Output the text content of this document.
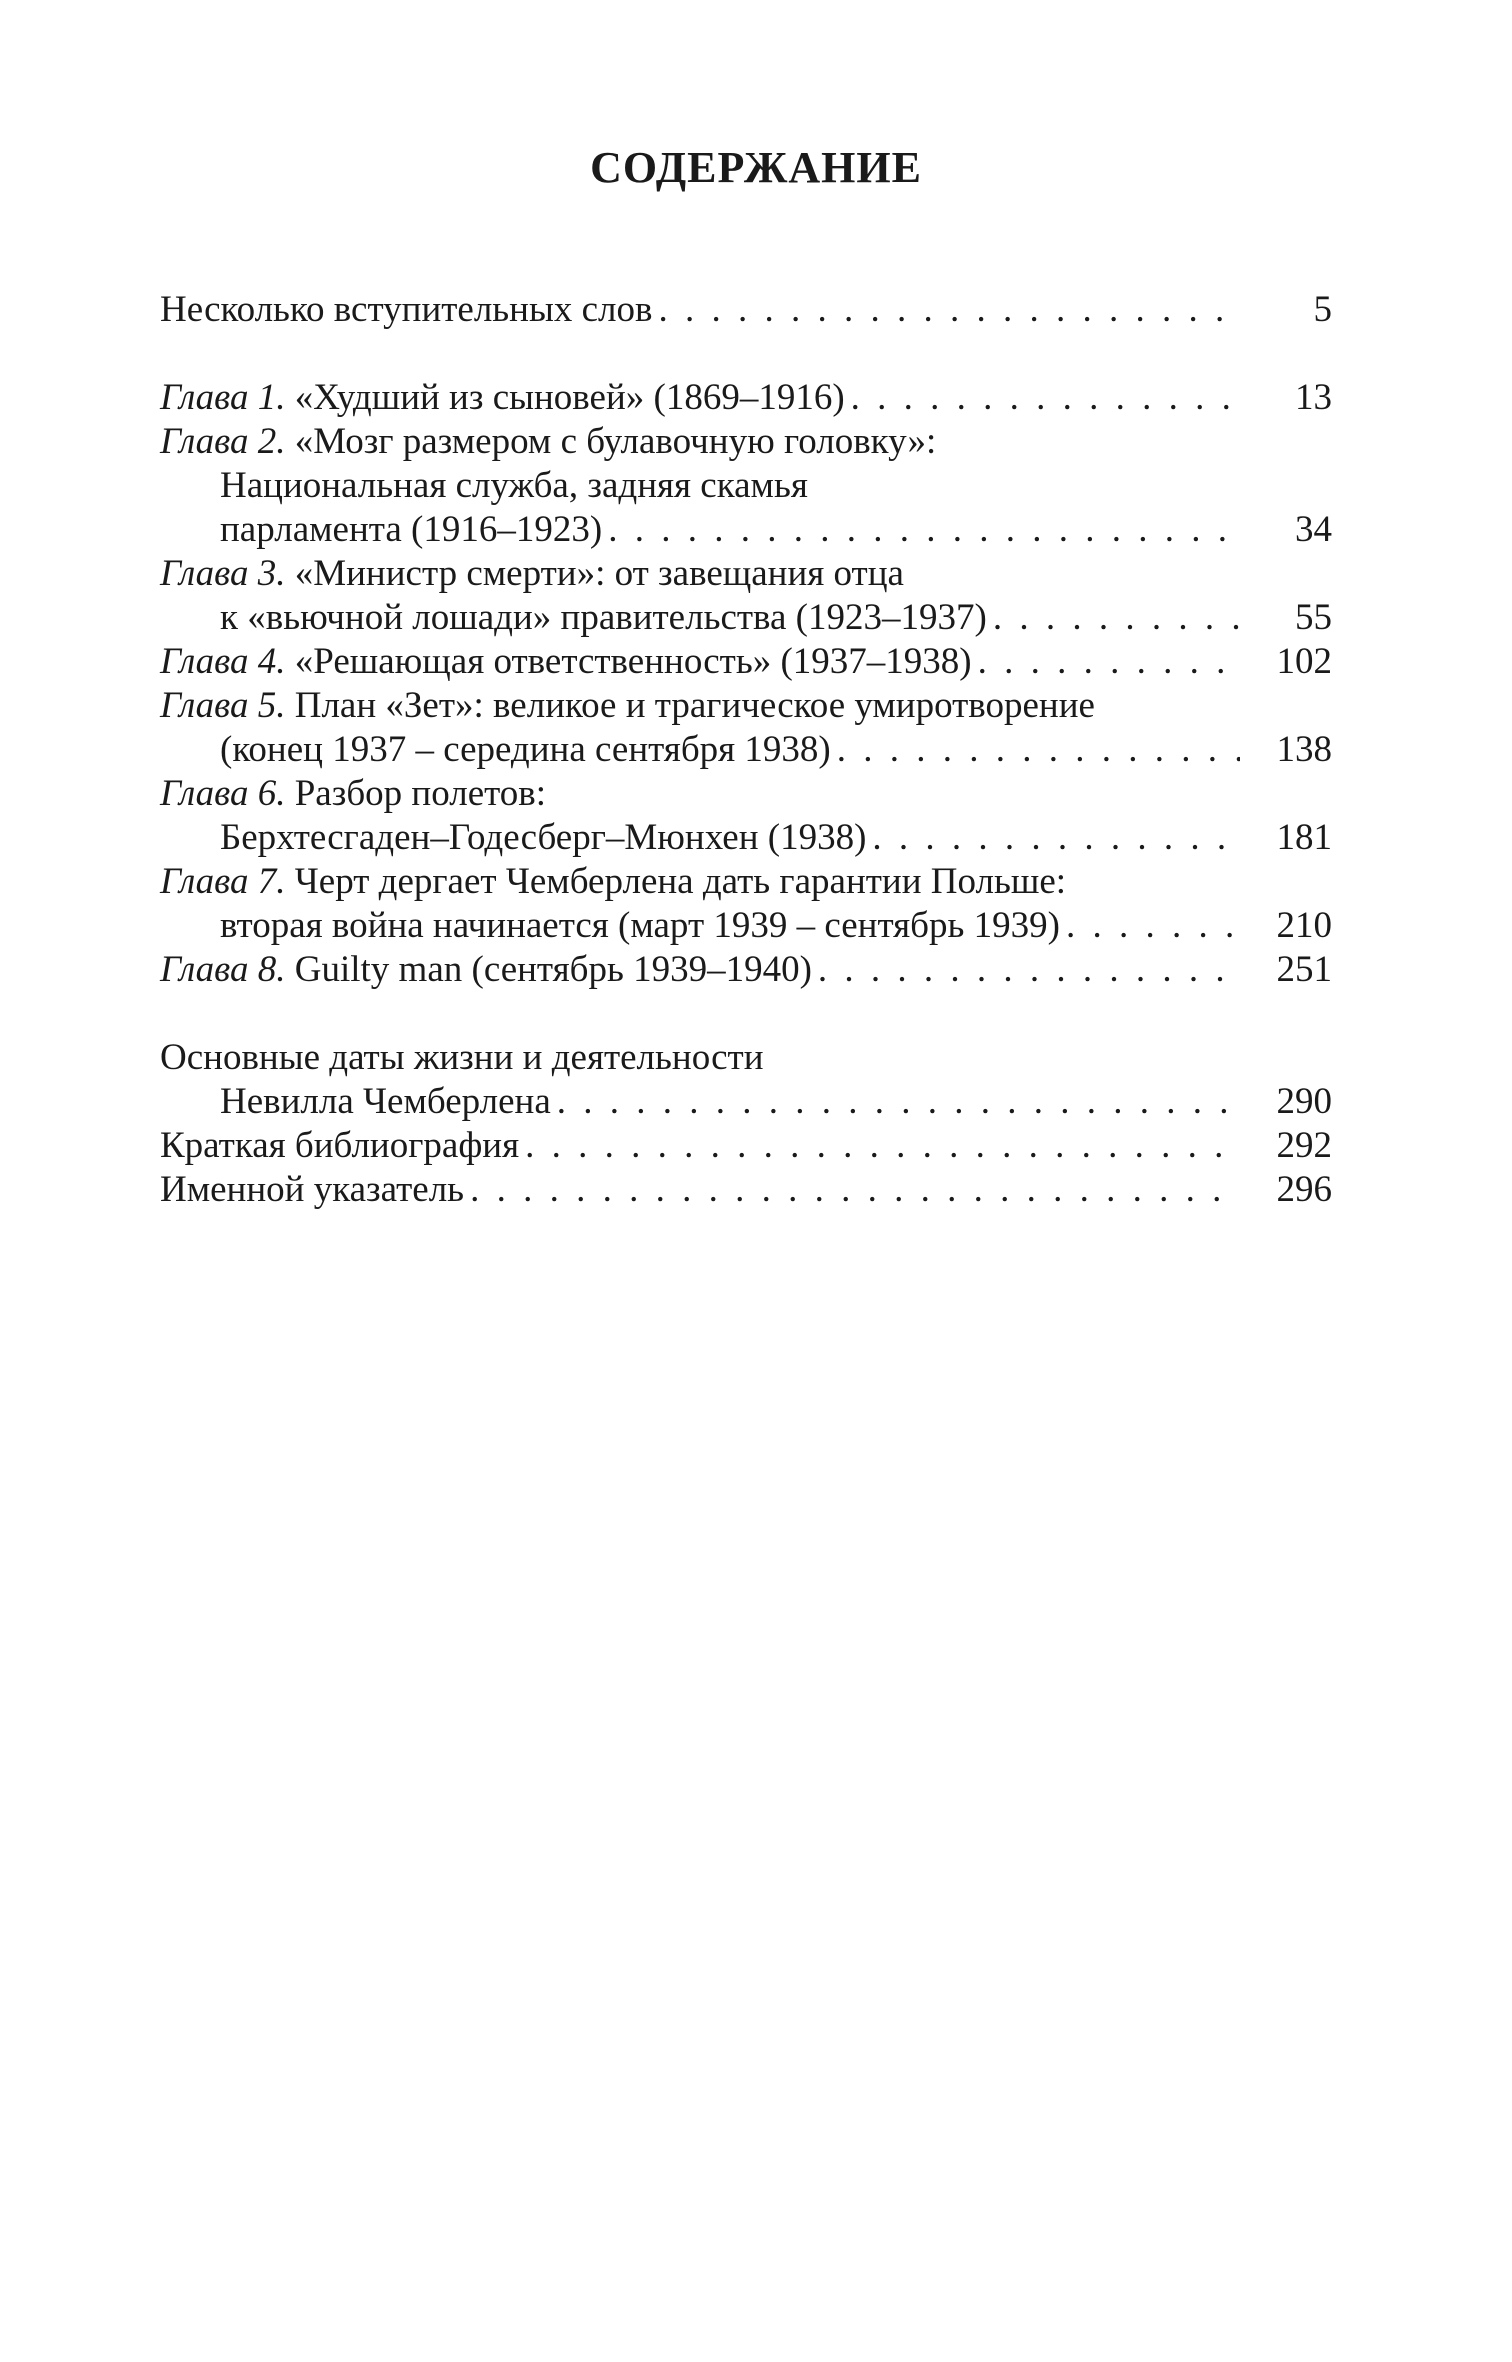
СОДЕРЖАНИЕ
Несколько вступительных слов . . .	5
Глава 1.
«Худший из сыновей» (1869–1916) . . .	13
Глава 2. «Мозг размером с булавочную головку»:
Национальная служба, задняя скамья
парламента (1916–1923) . . .	34
Глава 3. «Министр смерти»: от завещания отца
к «вьючной лошади» правительства (1923–1937) . . .	55
Глава 4.
«Решающая ответственность» (1937–1938) . . .	102
Глава 5. План «Зет»: великое и трагическое умиротворение
(конец 1937 – середина сентября 1938) . . .	138
Глава 6. Разбор полетов:
Берхтесгаден–Годесберг–Мюнхен (1938) . . .	181
Глава 7. Черт дергает Чемберлена дать гарантии Польше:
вторая война начинается (март 1939 – сентябрь 1939) . . .	210
Глава 8.
Guilty man (сентябрь 1939–1940) . . .	251
Основные даты жизни и деятельности
Невилла Чемберлена . . .	290
Краткая библиография . . .	292
Именной указатель . . .	296
